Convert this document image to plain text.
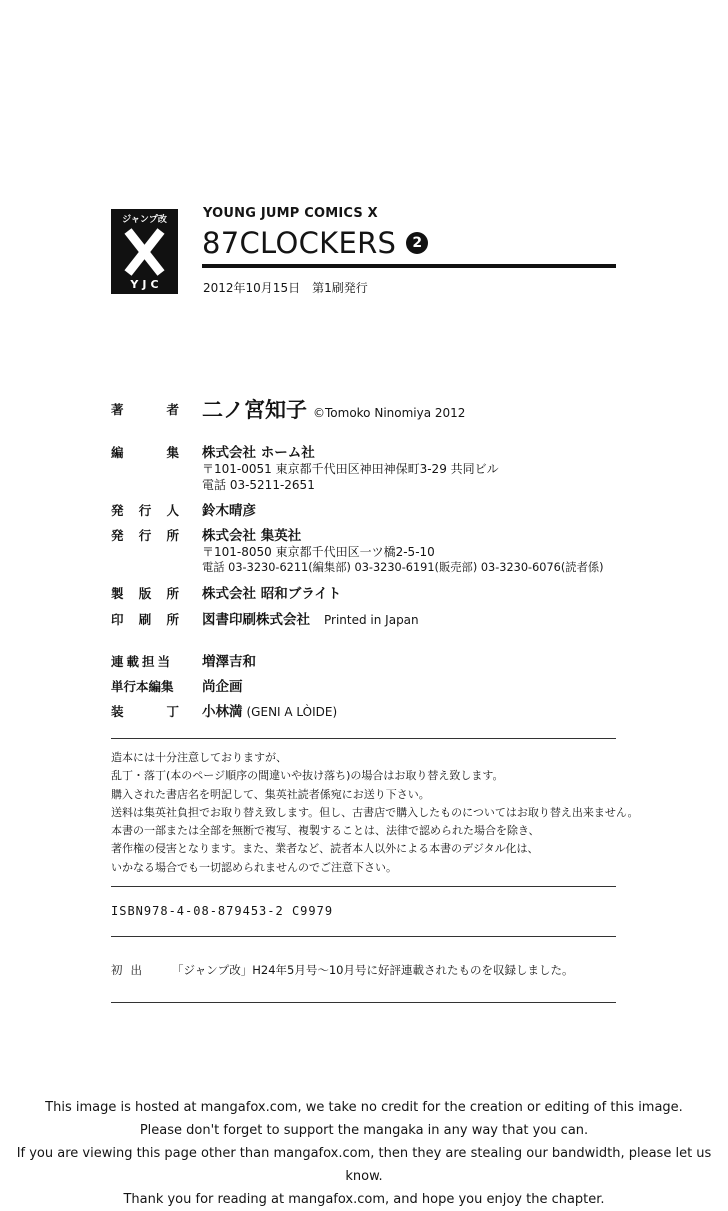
ジャンプ改
YJC
YOUNG JUMP COMICS X
87CLOCKERS	2
2012年10月15日　第1刷発行
著	者 二ノ宮知子 ©Tomoko Ninomiya 2012
編	集 株式会社 ホーム社
〒101-0051 東京都千代田区神田神保町3-29 共同ビル
電話 03-5211-2651
発 行 人 鈴木晴彦
発 行 所 株式会社 集英社
〒101-8050 東京都千代田区一ツ橋2-5-10
電話 03-3230-6211(編集部) 03-3230-6191(販売部) 03-3230-6076(読者係)
製 版 所 株式会社 昭和ブライト
印 刷 所 図書印刷株式会社 Printed in Japan
連載担当 増澤吉和
単行本編集 尚企画
装	丁 小林満 (GENI A LÒIDE)
造本には十分注意しておりますが、
乱丁・落丁(本のページ順序の間違いや抜け落ち)の場合はお取り替え致します。
購入された書店名を明記して、集英社読者係宛にお送り下さい。
送料は集英社負担でお取り替え致します。但し、古書店で購入したものについてはお取り替え出来ません。
本書の一部または全部を無断で複写、複製することは、法律で認められた場合を除き、
著作権の侵害となります。また、業者など、読者本人以外による本書のデジタル化は、
いかなる場合でも一切認められませんのでご注意下さい。
ISBN978-4-08-879453-2 C9979
初出 「ジャンプ改」H24年5月号〜10月号に好評連載されたものを収録しました。
This image is hosted at mangafox.com, we take no credit for the creation or editing of this image.
Please don't forget to support the mangaka in any way that you can.
If you are viewing this page other than mangafox.com, then they are stealing our bandwidth, please let us know.
Thank you for reading at mangafox.com, and hope you enjoy the chapter.
